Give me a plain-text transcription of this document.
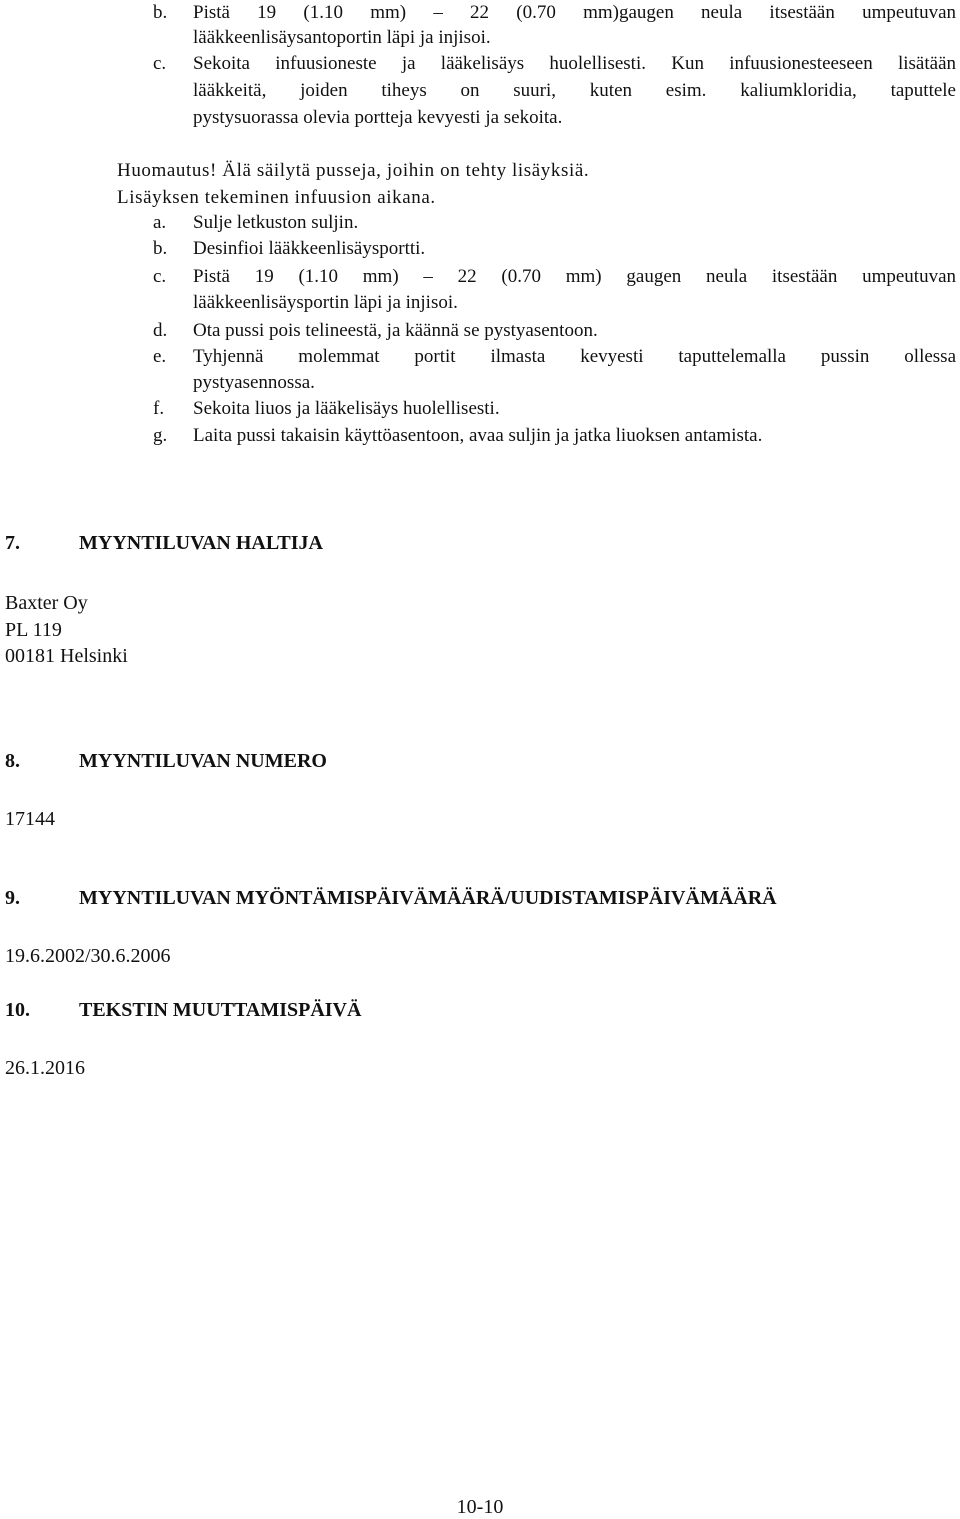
b. Pistä 19 (1.10 mm) – 22 (0.70 mm)gaugen neula itsestään umpeutuvan
lääkkeenlisäysantoportin läpi ja injisoi.
c. Sekoita infuusioneste ja lääkelisäys huolellisesti. Kun infuusionesteeseen lisätään
lääkkeitä, joiden tiheys on suuri, kuten esim. kaliumkloridia, taputtele
pystysuorassa olevia portteja kevyesti ja sekoita.
Huomautus! Älä säilytä pusseja, joihin on tehty lisäyksiä.
Lisäyksen tekeminen infuusion aikana.
a. Sulje letkuston suljin.
b. Desinfioi lääkkeenlisäysportti.
c. Pistä 19 (1.10 mm) – 22 (0.70 mm) gaugen neula itsestään umpeutuvan
lääkkeenlisäysportin läpi ja injisoi.
d. Ota pussi pois telineestä, ja käännä se pystyasentoon.
e. Tyhjennä molemmat portit ilmasta kevyesti taputtelemalla pussin ollessa
pystyasennossa.
f. Sekoita liuos ja lääkelisäys huolellisesti.
g. Laita pussi takaisin käyttöasentoon, avaa suljin ja jatka liuoksen antamista.
7.	MYYNTILUVAN HALTIJA
Baxter Oy
PL 119
00181 Helsinki
8.	MYYNTILUVAN NUMERO
17144
9.	MYYNTILUVAN MYÖNTÄMISPÄIVÄMÄÄRÄ/UUDISTAMISPÄIVÄMÄÄRÄ
19.6.2002/30.6.2006
10. TEKSTIN MUUTTAMISPÄIVÄ
26.1.2016
10-10
